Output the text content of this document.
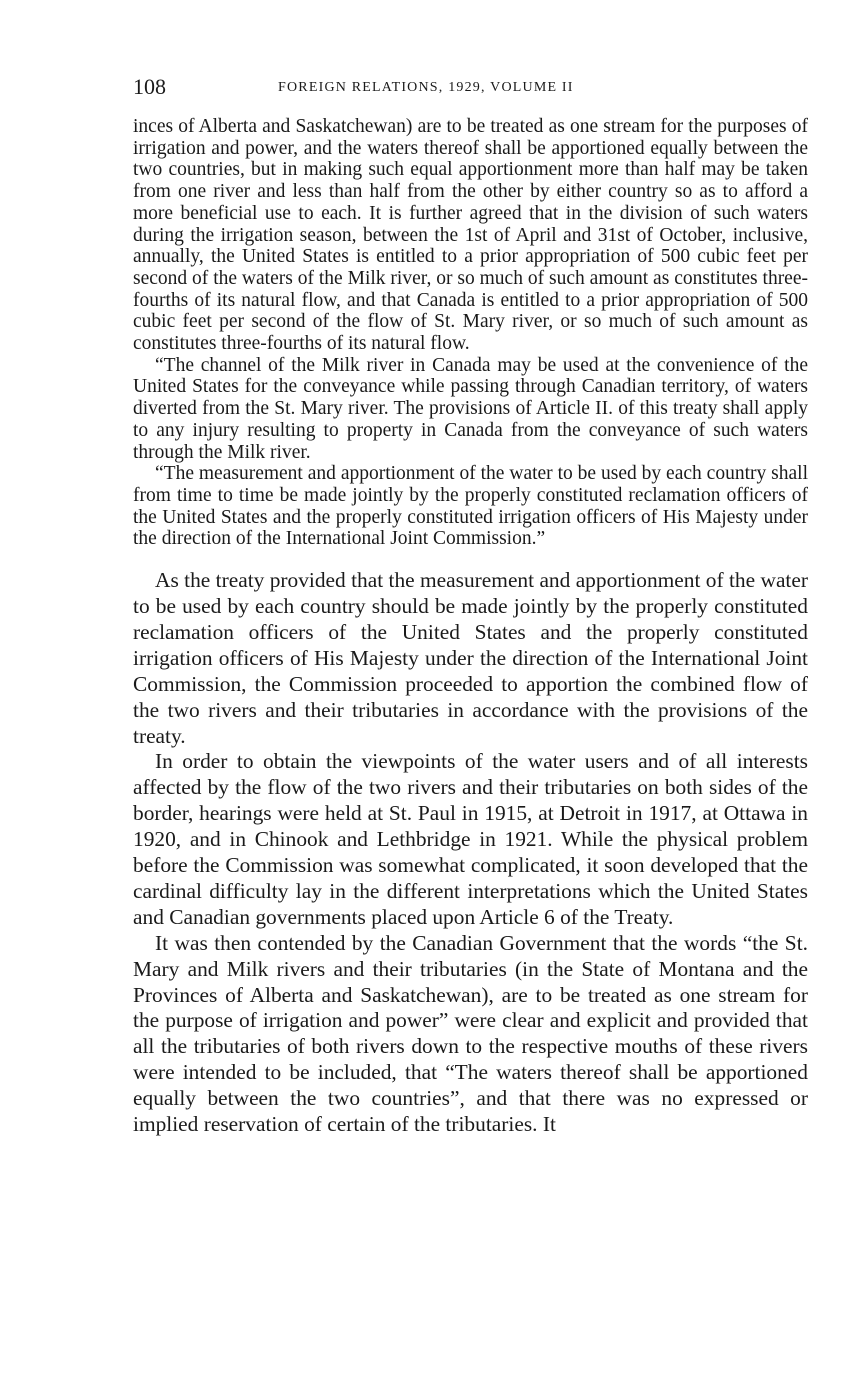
108	FOREIGN RELATIONS, 1929, VOLUME II

inces of Alberta and Saskatchewan) are to be treated as one stream for the purposes of irrigation and power, and the waters thereof shall be apportioned equally between the two countries, but in making such equal apportionment more than half may be taken from one river and less than half from the other by either country so as to afford a more beneficial use to each. It is further agreed that in the division of such waters during the irrigation season, between the 1st of April and 31st of October, inclusive, annually, the United States is entitled to a prior appropriation of 500 cubic feet per second of the waters of the Milk river, or so much of such amount as constitutes three-fourths of its natural flow, and that Canada is entitled to a prior appropriation of 500 cubic feet per second of the flow of St. Mary river, or so much of such amount as constitutes three-fourths of its natural flow.

“The channel of the Milk river in Canada may be used at the convenience of the United States for the conveyance while passing through Canadian territory, of waters diverted from the St. Mary river. The provisions of Article II. of this treaty shall apply to any injury resulting to property in Canada from the conveyance of such waters through the Milk river.

“The measurement and apportionment of the water to be used by each country shall from time to time be made jointly by the properly constituted reclamation officers of the United States and the properly constituted irrigation officers of His Majesty under the direction of the International Joint Commission.”

As the treaty provided that the measurement and apportionment of the water to be used by each country should be made jointly by the properly constituted reclamation officers of the United States and the properly constituted irrigation officers of His Majesty under the direction of the International Joint Commission, the Commission proceeded to apportion the combined flow of the two rivers and their tributaries in accordance with the provisions of the treaty.

In order to obtain the viewpoints of the water users and of all interests affected by the flow of the two rivers and their tributaries on both sides of the border, hearings were held at St. Paul in 1915, at Detroit in 1917, at Ottawa in 1920, and in Chinook and Lethbridge in 1921. While the physical problem before the Commission was somewhat complicated, it soon developed that the cardinal difficulty lay in the different interpretations which the United States and Canadian governments placed upon Article 6 of the Treaty.

It was then contended by the Canadian Government that the words “the St. Mary and Milk rivers and their tributaries (in the State of Montana and the Provinces of Alberta and Saskatchewan), are to be treated as one stream for the purpose of irrigation and power” were clear and explicit and provided that all the tributaries of both rivers down to the respective mouths of these rivers were intended to be included, that “The waters thereof shall be apportioned equally between the two countries”, and that there was no expressed or implied reservation of certain of the tributaries. It
